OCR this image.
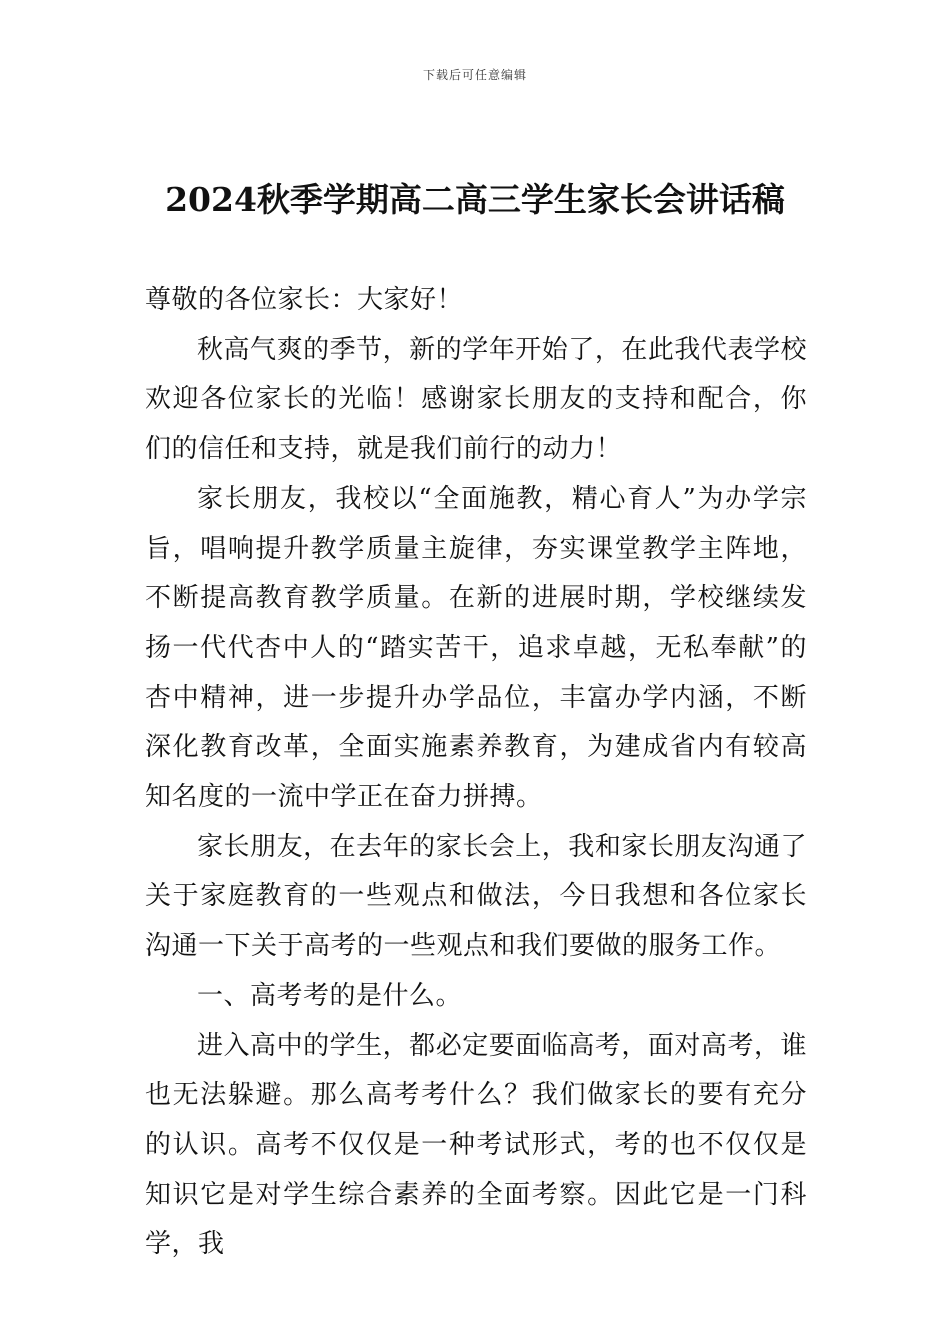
下载后可任意编辑
2024秋季学期高二高三学生家长会讲话稿

尊敬的各位家长：大家好！

秋高气爽的季节，新的学年开始了，在此我代表学校欢迎各位家长的光临！感谢家长朋友的支持和配合，你们的信任和支持，就是我们前行的动力！

家长朋友，我校以“全面施教，精心育人”为办学宗旨，唱响提升教学质量主旋律，夯实课堂教学主阵地，不断提高教育教学质量。在新的进展时期，学校继续发扬一代代杏中人的“踏实苦干，追求卓越，无私奉献”的杏中精神，进一步提升办学品位，丰富办学内涵，不断深化教育改革，全面实施素养教育，为建成省内有较高知名度的一流中学正在奋力拼搏。

家长朋友，在去年的家长会上，我和家长朋友沟通了关于家庭教育的一些观点和做法，今日我想和各位家长沟通一下关于高考的一些观点和我们要做的服务工作。

一、高考考的是什么。

进入高中的学生，都必定要面临高考，面对高考，谁也无法躲避。那么高考考什么？我们做家长的要有充分的认识。高考不仅仅是一种考试形式，考的也不仅仅是知识它是对学生综合素养的全面考察。因此它是一门科学，我
